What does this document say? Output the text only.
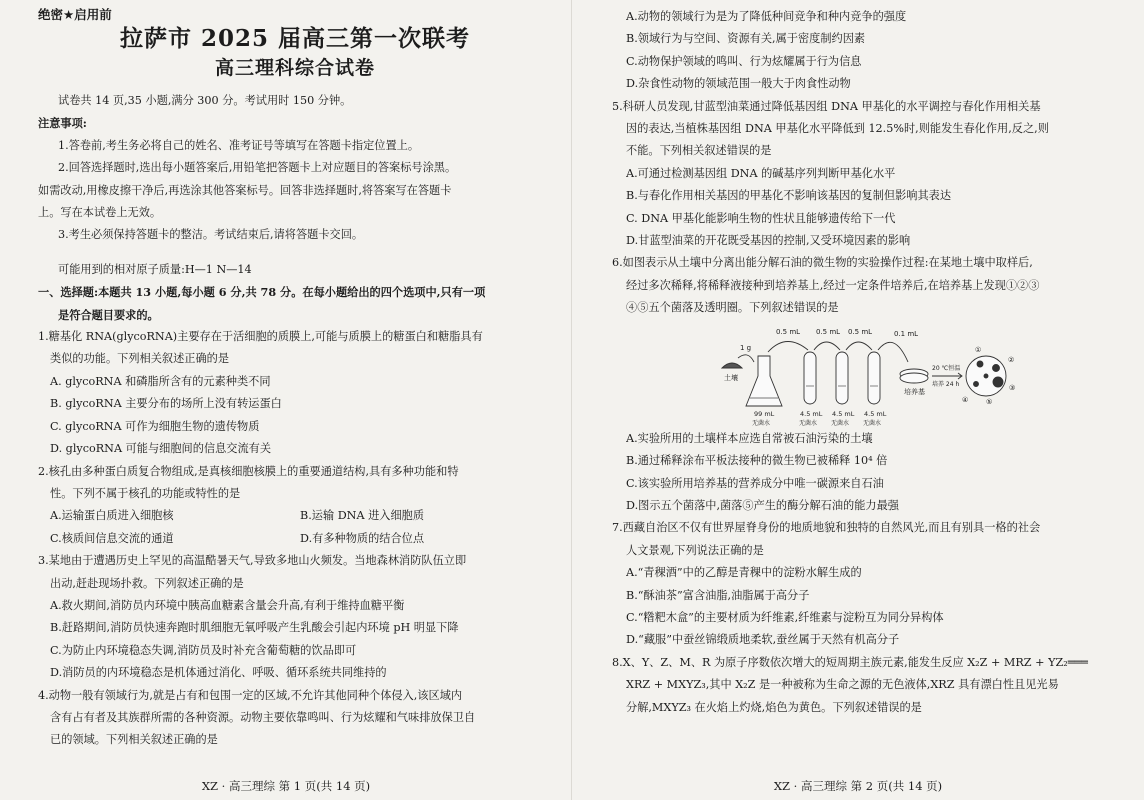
绝密★启用前

拉萨市 2025 届高三第一次联考

高三理科综合试卷

试卷共 14 页,35 小题,满分 300 分。考试用时 150 分钟。

注意事项:

1.答卷前,考生务必将自己的姓名、准考证号等填写在答题卡指定位置上。

2.回答选择题时,选出每小题答案后,用铅笔把答题卡上对应题目的答案标号涂黑。

如需改动,用橡皮擦干净后,再选涂其他答案标号。回答非选择题时,将答案写在答题卡

上。写在本试卷上无效。

3.考生必须保持答题卡的整洁。考试结束后,请将答题卡交回。

可能用到的相对原子质量:H—1 N—14

一、选择题:本题共 13 小题,每小题 6 分,共 78 分。在每小题给出的四个选项中,只有一项

是符合题目要求的。

1.糖基化 RNA(glycoRNA)主要存在于活细胞的质膜上,可能与质膜上的糖蛋白和糖脂具有

类似的功能。下列相关叙述正确的是

A. glycoRNA 和磷脂所含有的元素种类不同

B. glycoRNA 主要分布的场所上没有转运蛋白

C. glycoRNA 可作为细胞生物的遗传物质

D. glycoRNA 可能与细胞间的信息交流有关

2.核孔由多种蛋白质复合物组成,是真核细胞核膜上的重要通道结构,具有多种功能和特

性。下列不属于核孔的功能或特性的是

A.运输蛋白质进入细胞核	B.运输 DNA 进入细胞质
C.核质间信息交流的通道	D.有多种物质的结合位点

3.某地由于遭遇历史上罕见的高温酷暑天气,导致多地山火频发。当地森林消防队伍立即

出动,赶赴现场扑救。下列叙述正确的是

A.救火期间,消防员内环境中胰高血糖素含量会升高,有利于维持血糖平衡

B.赶路期间,消防员快速奔跑时肌细胞无氧呼吸产生乳酸会引起内环境 pH 明显下降

C.为防止内环境稳态失调,消防员及时补充含葡萄糖的饮品即可

D.消防员的内环境稳态是机体通过消化、呼吸、循环系统共同维持的

4.动物一般有领域行为,就是占有和包围一定的区域,不允许其他同种个体侵入,该区域内

含有占有者及其族群所需的各种资源。动物主要依靠鸣叫、行为炫耀和气味排放保卫自

已的领域。下列相关叙述正确的是

XZ · 高三理综 第 1 页(共 14 页)

A.动物的领域行为是为了降低种间竞争和种内竞争的强度

B.领域行为与空间、资源有关,属于密度制约因素

C.动物保护领域的鸣叫、行为炫耀属于行为信息

D.杂食性动物的领域范围一般大于肉食性动物

5.科研人员发现,甘蓝型油菜通过降低基因组 DNA 甲基化的水平调控与春化作用相关基

因的表达,当植株基因组 DNA 甲基化水平降低到 12.5%时,则能发生春化作用,反之,则

不能。下列相关叙述错误的是

A.可通过检测基因组 DNA 的碱基序列判断甲基化水平

B.与春化作用相关基因的甲基化不影响该基因的复制但影响其表达

C. DNA 甲基化能影响生物的性状且能够遗传给下一代

D.甘蓝型油菜的开花既受基因的控制,又受环境因素的影响

6.如图表示从土壤中分离出能分解石油的微生物的实验操作过程:在某地土壤中取样后,

经过多次稀释,将稀释液接种到培养基上,经过一定条件培养后,在培养基上发现①②③

④⑤五个菌落及透明圈。下列叙述错误的是

土壤
1 g
0.5 mL 0.5 mL 0.5 mL	0.1 mL
培养基
20 ℃恒温
培养 24 h
①
②
③
④	⑤
99 mL	4.5 mL 4.5 mL 4.5 mL
无菌水	无菌水 无菌水 无菌水

A.实验所用的土壤样本应选自常被石油污染的土壤

B.通过稀释涂布平板法接种的微生物已被稀释 10⁴ 倍

C.该实验所用培养基的营养成分中唯一碳源来自石油

D.图示五个菌落中,菌落⑤产生的酶分解石油的能力最强

7.西藏自治区不仅有世界屋脊身份的地质地貌和独特的自然风光,而且有别具一格的社会

人文景观,下列说法正确的是

A.“青稞酒”中的乙醇是青稞中的淀粉水解生成的

B.“酥油茶”富含油脂,油脂属于高分子

C.“糌粑木盒”的主要材质为纤维素,纤维素与淀粉互为同分异构体

D.“藏服”中蚕丝锦缎质地柔软,蚕丝属于天然有机高分子

8.X、Y、Z、M、R 为原子序数依次增大的短周期主族元素,能发生反应 X₂Z + MRZ + YZ₂═══

XRZ + MXYZ₃,其中 X₂Z 是一种被称为生命之源的无色液体,XRZ 具有漂白性且见光易

分解,MXYZ₃ 在火焰上灼烧,焰色为黄色。下列叙述错误的是

XZ · 高三理综 第 2 页(共 14 页)
